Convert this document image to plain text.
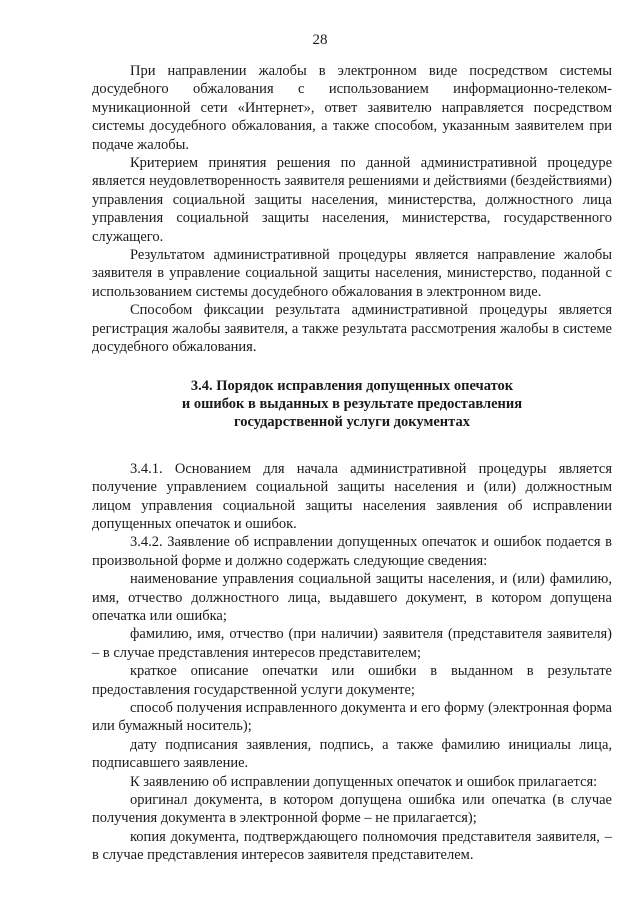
28

При направлении жалобы в электронном виде посредством системы досудебного обжалования с использованием информационно-телеком-муникационной сети «Интернет», ответ заявителю направляется посредством системы досудебного обжалования, а также способом, указанным заявителем при подаче жалобы.

Критерием принятия решения по данной административной процедуре является неудовлетворенность заявителя решениями и действиями (бездействиями) управления социальной защиты населения, министерства, должностного лица управления социальной защиты населения, министерства, государственного служащего.

Результатом административной процедуры является направление жалобы заявителя в управление социальной защиты населения, министерство, поданной с использованием системы досудебного обжалования в электронном виде.

Способом фиксации результата административной процедуры является регистрация жалобы заявителя, а также результата рассмотрения жалобы в системе досудебного обжалования.

3.4. Порядок исправления допущенных опечаток
и ошибок в выданных в результате предоставления
государственной услуги документах

3.4.1. Основанием для начала административной процедуры является получение управлением социальной защиты населения и (или) должностным лицом управления социальной защиты населения заявления об исправлении допущенных опечаток и ошибок.

3.4.2. Заявление об исправлении допущенных опечаток и ошибок подается в произвольной форме и должно содержать следующие сведения:

наименование управления социальной защиты населения, и (или) фамилию, имя, отчество должностного лица, выдавшего документ, в котором допущена опечатка или ошибка;

фамилию, имя, отчество (при наличии) заявителя (представителя заявителя) – в случае представления интересов представителем;

краткое описание опечатки или ошибки в выданном в результате предоставления государственной услуги документе;

способ получения исправленного документа и его форму (электронная форма или бумажный носитель);

дату подписания заявления, подпись, а также фамилию инициалы лица, подписавшего заявление.

К заявлению об исправлении допущенных опечаток и ошибок прилагается:

оригинал документа, в котором допущена ошибка или опечатка (в случае получения документа в электронной форме – не прилагается);

копия документа, подтверждающего полномочия представителя заявителя, – в случае представления интересов заявителя представителем.
